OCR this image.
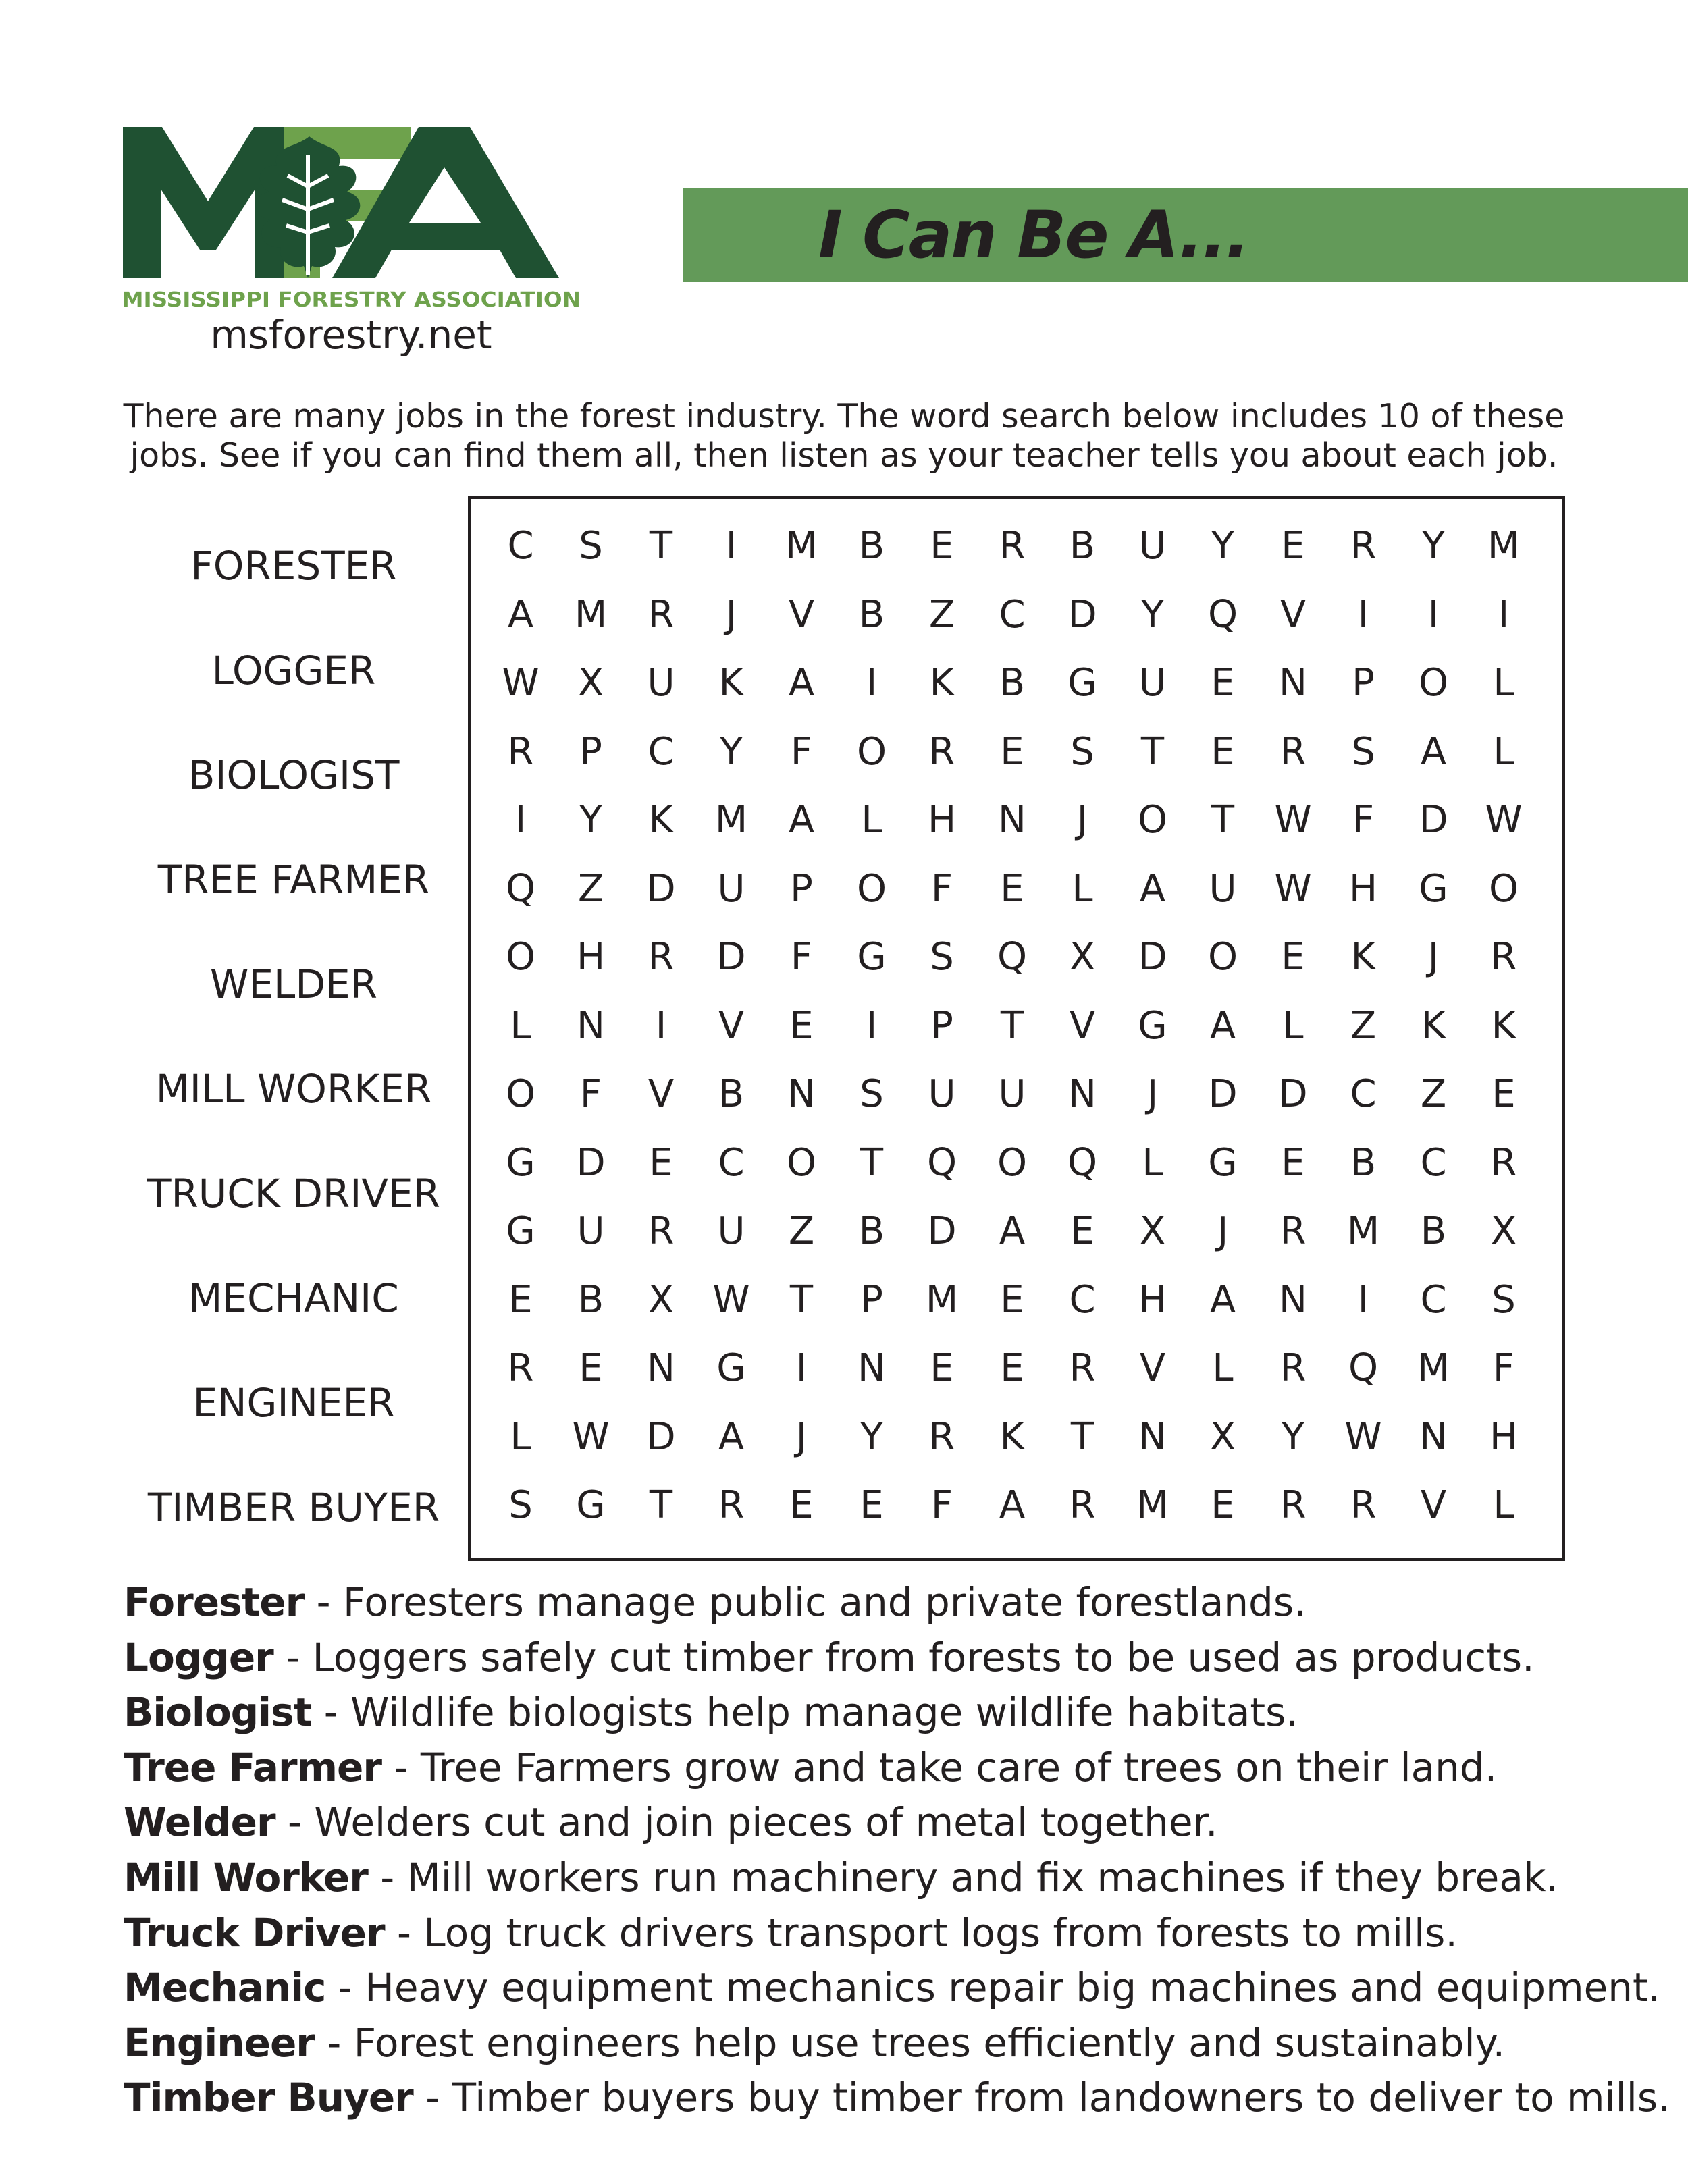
MISSISSIPPI FORESTRY ASSOCIATION
msforestry.net
I Can Be A...
There are many jobs in the forest industry. The word search below includes 10 of these
jobs. See if you can find them all, then listen as your teacher tells you about each job.
FORESTER
LOGGER
BIOLOGIST
TREE FARMER
WELDER
MILL WORKER
TRUCK DRIVER
MECHANIC
ENGINEER
TIMBER BUYER
C S T I M B E R B U Y E R Y M
A M R J V B Z C D Y Q V I I I
W X U K A I K B G U E N P O L
R P C Y F O R E S T E R S A L
I Y K M A L H N J O T W F D W
Q Z D U P O F E L A U W H G O
O H R D F G S Q X D O E K J R
L N I V E I P T V G A L Z K K
O F V B N S U U N J D D C Z E
G D E C O T Q O Q L G E B C R
G U R U Z B D A E X J R M B X
E B X W T P M E C H A N I C S
R E N G I N E E R V L R Q M F
L W D A J Y R K T N X Y W N H
S G T R E E F A R M E R R V L
Forester - Foresters manage public and private forestlands.
Logger - Loggers safely cut timber from forests to be used as products.
Biologist - Wildlife biologists help manage wildlife habitats.
Tree Farmer - Tree Farmers grow and take care of trees on their land.
Welder - Welders cut and join pieces of metal together.
Mill Worker - Mill workers run machinery and fix machines if they break.
Truck Driver - Log truck drivers transport logs from forests to mills.
Mechanic - Heavy equipment mechanics repair big machines and equipment.
Engineer - Forest engineers help use trees efficiently and sustainably.
Timber Buyer - Timber buyers buy timber from landowners to deliver to mills.
